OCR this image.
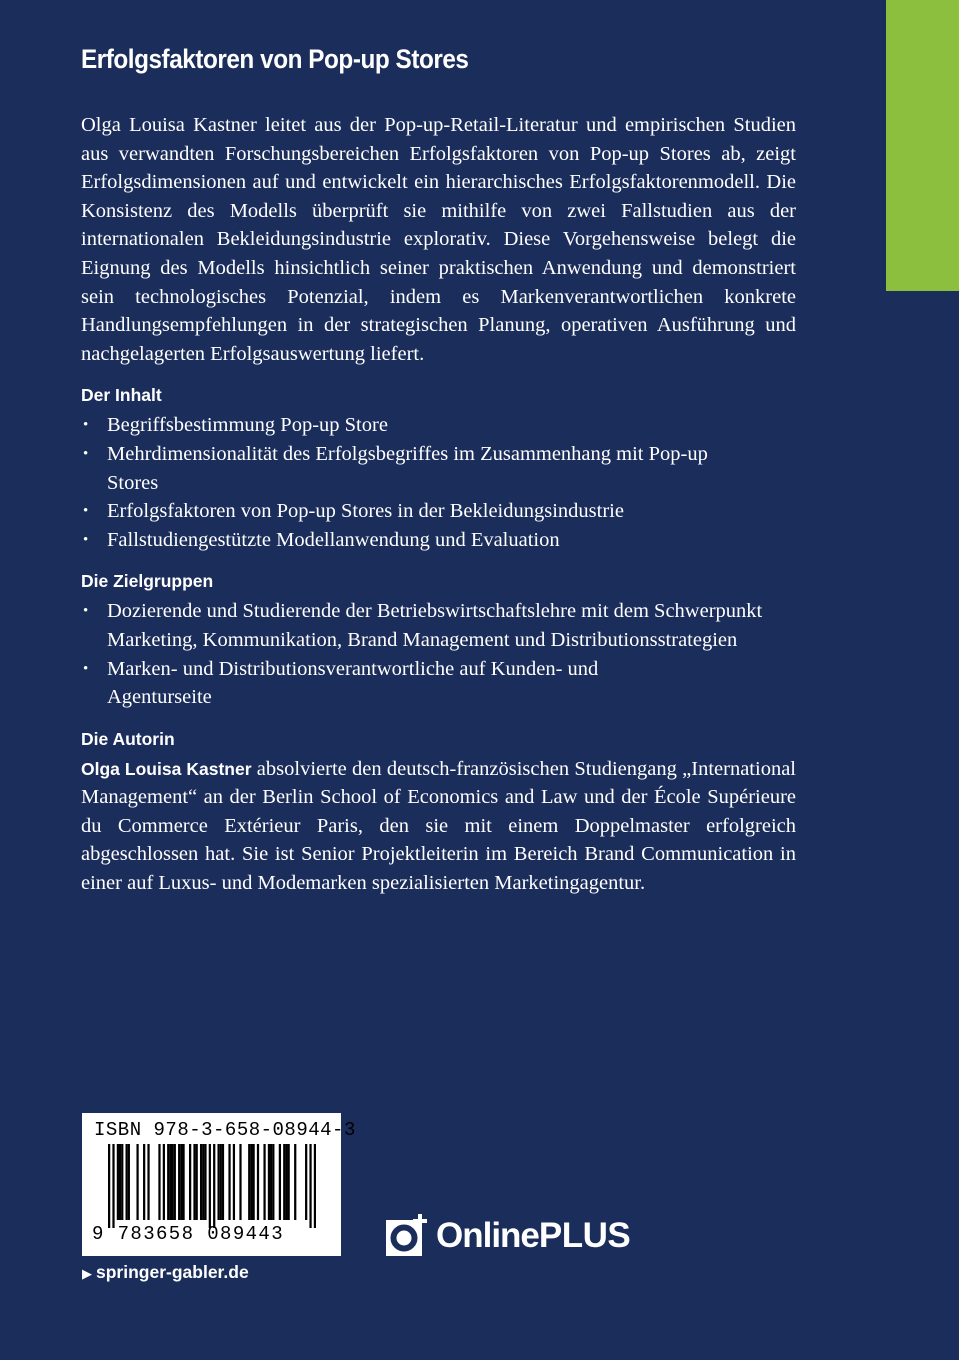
Erfolgsfaktoren von Pop-up Stores

Olga Louisa Kastner leitet aus der Pop-up-Retail-Literatur und empirischen Studien aus verwandten Forschungsbereichen Erfolgsfaktoren von Pop-up Stores ab, zeigt Erfolgsdimensionen auf und entwickelt ein hierarchisches Erfolgsfaktorenmodell. Die Konsistenz des Modells überprüft sie mithilfe von zwei Fallstudien aus der internationalen Bekleidungsindustrie explorativ. Diese Vorgehensweise belegt die Eignung des Modells hinsichtlich seiner praktischen Anwendung und demonstriert sein technologisches Potenzial, indem es Markenverantwortlichen konkrete Handlungsempfehlungen in der strategischen Planung, operativen Ausführung und nachgelagerten Erfolgsauswertung liefert.

Der Inhalt
• Begriffsbestimmung Pop-up Store
• Mehrdimensionalität des Erfolgsbegriffes im Zusammenhang mit Pop-up Stores
• Erfolgsfaktoren von Pop-up Stores in der Bekleidungsindustrie
• Fallstudiengestützte Modellanwendung und Evaluation
Die Zielgruppen
• Dozierende und Studierende der Betriebswirtschaftslehre mit dem Schwerpunkt Marketing, Kommunikation, Brand Management und Distributionsstrategien
• Marken- und Distributionsverantwortliche auf Kunden- und Agenturseite
Die Autorin

Olga Louisa Kastner absolvierte den deutsch-französischen Studiengang „International Management“ an der Berlin School of Economics and Law und der École Supérieure du Commerce Extérieur Paris, den sie mit einem Doppelmaster erfolgreich abgeschlossen hat. Sie ist Senior Projektleiterin im Bereich Brand Communication in einer auf Luxus- und Modemarken spezialisierten Marketingagentur.

ISBN 978-3-658-08944-3
9 783658 089443
▶ springer-gabler.de
Online PLUS
